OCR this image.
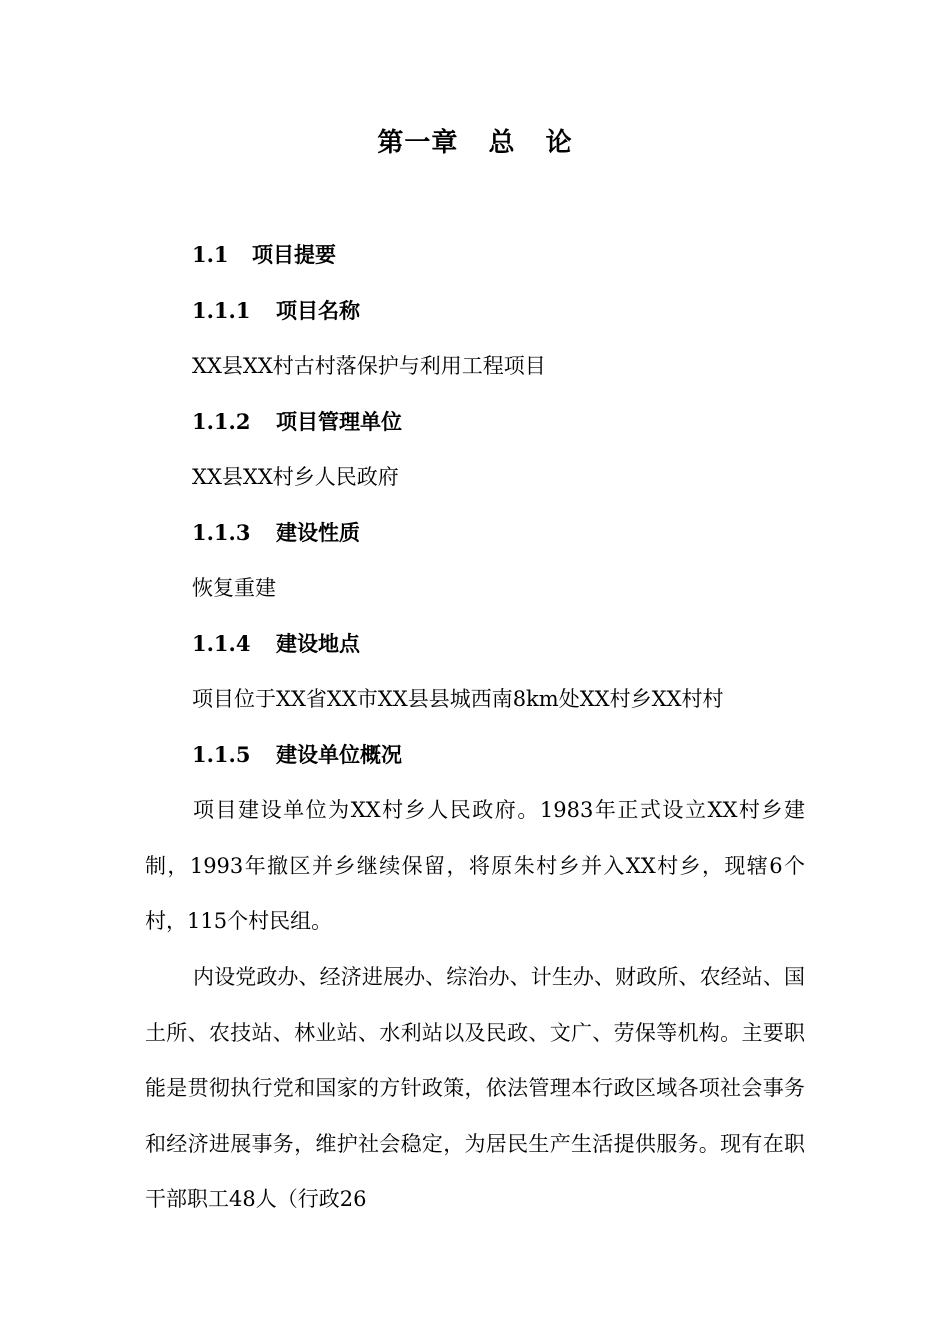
第一章   总   论
1.1 项目提要
1.1.1 项目名称
XX县XX村古村落保护与利用工程项目
1.1.2 项目管理单位
XX县XX村乡人民政府
1.1.3 建设性质
恢复重建
1.1.4 建设地点
项目位于XX省XX市XX县县城西南8km处XX村乡XX村村
1.1.5 建设单位概况

项目建设单位为XX村乡人民政府。1983年正式设立XX村乡建制，1993年撤区并乡继续保留，将原朱村乡并入XX村乡，现辖6个村，115个村民组。

内设党政办、经济进展办、综治办、计生办、财政所、农经站、国土所、农技站、林业站、水利站以及民政、文广、劳保等机构。主要职能是贯彻执行党和国家的方针政策，依法管理本行政区域各项社会事务和经济进展事务，维护社会稳定，为居民生产生活提供服务。现有在职干部职工48人（行政26
